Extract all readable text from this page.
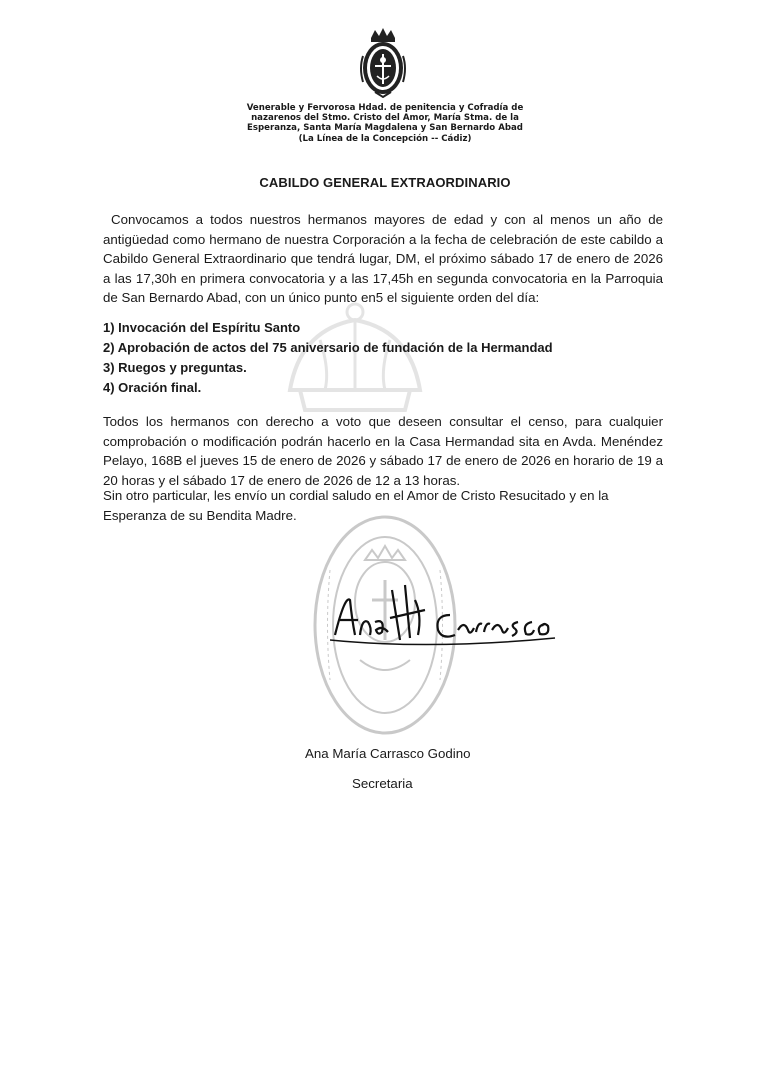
Venerable y Fervorosa Hdad. de penitencia y Cofradía de
nazarenos del Stmo. Cristo del Amor, María Stma. de la
Esperanza, Santa María Magdalena y San Bernardo Abad
(La Línea de la Concepción -- Cádiz)
CABILDO GENERAL EXTRAORDINARIO
Convocamos a todos nuestros hermanos mayores de edad y con al menos un año de antigüedad como hermano de nuestra Corporación a la fecha de celebración de este cabildo a Cabildo General Extraordinario que tendrá lugar, DM, el próximo sábado 17 de enero de 2026 a las 17,30h en primera convocatoria y a las 17,45h en segunda convocatoria en la Parroquia de San Bernardo Abad, con un único punto en5 el siguiente orden del día:
1) Invocación del Espíritu Santo
2) Aprobación de actos del 75 aniversario de fundación de la Hermandad
3) Ruegos y preguntas.
4) Oración final.
Todos los hermanos con derecho a voto que deseen consultar el censo, para cualquier comprobación o modificación podrán hacerlo en la Casa Hermandad sita en Avda. Menéndez Pelayo, 168B el jueves 15 de enero de 2026 y sábado 17 de enero de 2026 en horario de 19 a 20 horas y el sábado 17 de enero de 2026 de 12 a 13 horas.
Sin otro particular, les envío un cordial saludo en el Amor de Cristo Resucitado y en la Esperanza de su Bendita Madre.
Ana María Carrasco Godino
Secretaria
